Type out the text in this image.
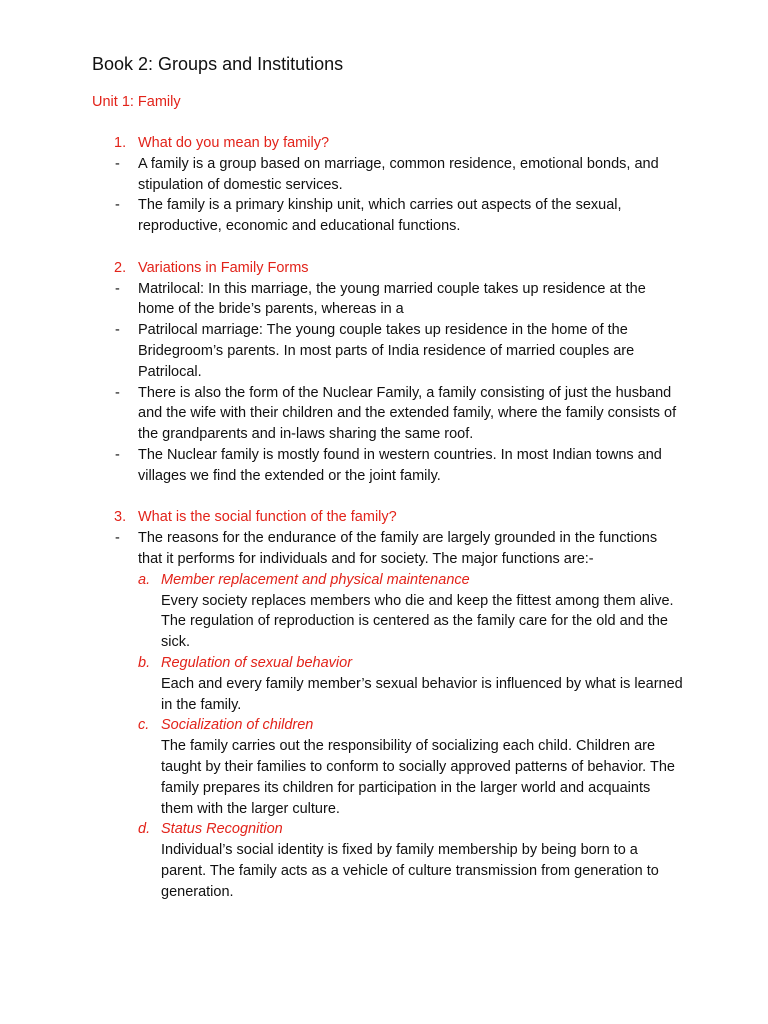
Book 2: Groups and Institutions
Unit 1: Family
1. What do you mean by family?
- A family is a group based on marriage, common residence, emotional bonds, and stipulation of domestic services.
- The family is a primary kinship unit, which carries out aspects of the sexual, reproductive, economic and educational functions.
2. Variations in Family Forms
- Matrilocal: In this marriage, the young married couple takes up residence at the home of the bride’s parents, whereas in a
- Patrilocal marriage: The young couple takes up residence in the home of the Bridegroom’s parents. In most parts of India residence of married couples are Patrilocal.
- There is also the form of the Nuclear Family, a family consisting of just the husband and the wife with their children and the extended family, where the family consists of the grandparents and in-laws sharing the same roof.
- The Nuclear family is mostly found in western countries. In most Indian towns and villages we find the extended or the joint family.
3. What is the social function of the family?
- The reasons for the endurance of the family are largely grounded in the functions that it performs for individuals and for society. The major functions are:-
a. Member replacement and physical maintenance
Every society replaces members who die and keep the fittest among them alive. The regulation of reproduction is centered as the family care for the old and the sick.
b. Regulation of sexual behavior
Each and every family member’s sexual behavior is influenced by what is learned in the family.
c. Socialization of children
The family carries out the responsibility of socializing each child. Children are taught by their families to conform to socially approved patterns of behavior. The family prepares its children for participation in the larger world and acquaints them with the larger culture.
d. Status Recognition
Individual’s social identity is fixed by family membership by being born to a parent. The family acts as a vehicle of culture transmission from generation to generation.
